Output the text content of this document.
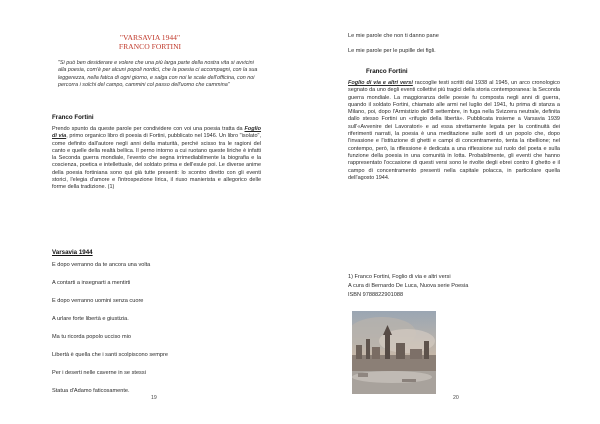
"VARSAVIA 1944"
FRANCO FORTINI
"Si può ben desiderare e volere che una più larga parte della nostra vita si avvicini alla poesia, com'è per alcuni popoli nordici, che la poesia ci accompagni, con la sua leggerezza, nella fatica di ogni giorno, e salga con noi le scale dell'officina, con noi percorra i solchi del campo, cammini col passo dell'uomo che cammina"
Franco Fortini
Prendo spunto da queste parole per condividere con voi una poesia tratta da Foglio di via, primo organico libro di poesia di Fortini, pubblicato nel 1946. Un libro "isolato", come definito dall'autore negli anni della maturità, perché scisso tra le ragioni del canto e quelle della realtà bellica. Il perno intorno a cui ruotano queste liriche è infatti la Seconda guerra mondiale, l'evento che segna irrimediabilmente la biografia e la coscienza, poetica e intellettuale, del soldato prima e dell'esule poi. Le diverse anime della poesia fortiniana sono qui già tutte presenti: lo scontro diretto con gli eventi storici, l'elegia d'amore e l'introspezione lirica, il riuso manierista e allegorico delle forme della tradizione. (1)
Varsavia 1944
E dopo verranno da te ancora una volta
A contarti a insegnarti a mentirti
E dopo verranno uomini senza cuore
A urlare forte libertà e giustizia.
Ma tu ricorda popolo ucciso mio
Libertà è quella che i santi scolpiscono sempre
Per i deserti nelle caverne in se stessi
Statua d'Adamo faticosamente.
19
Le mie parole che non ti danno pane
Le mie parole per le pupille dei figli.
Franco Fortini
Foglio di via e altri versi raccoglie testi scritti dal 1938 al 1945, un arco cronologico segnato da uno degli eventi collettivi più tragici della storia contemporanea: la Seconda guerra mondiale. La maggioranza delle poesie fu composta negli anni di guerra, quando il soldato Fortini, chiamato alle armi nel luglio del 1941, fu prima di stanza a Milano, poi, dopo l'Armistizio dell'8 settembre, in fuga nella Svizzera neutrale, definita dallo stesso Fortini un «rifugio della libertà». Pubblicata insieme a Varsavia 1939 sull'«Avvenire dei Lavoratori» e ad essa strettamente legata per la continuità dei riferimenti narrati, la poesia è una meditazione sulle sorti di un popolo che, dopo l'invasione e l'istituzione di ghetti e campi di concentramento, tenta la ribellione; nel contempo, però, la riflessione è dedicata a una riflessione sul ruolo del poeta e sulla funzione della poesia in una comunità in lotta. Probabilmente, gli eventi che hanno rappresentato l'occasione di questi versi sono le rivolte degli ebrei contro il ghetto e il campo di concentramento presenti nella capitale polacca, in particolare quella dell'agosto 1944.
1) Franco Fortini, Foglio di via e altri versi
A cura di Bernardo De Luca, Nuova serie Poesia
ISBN 9788822901088
20
